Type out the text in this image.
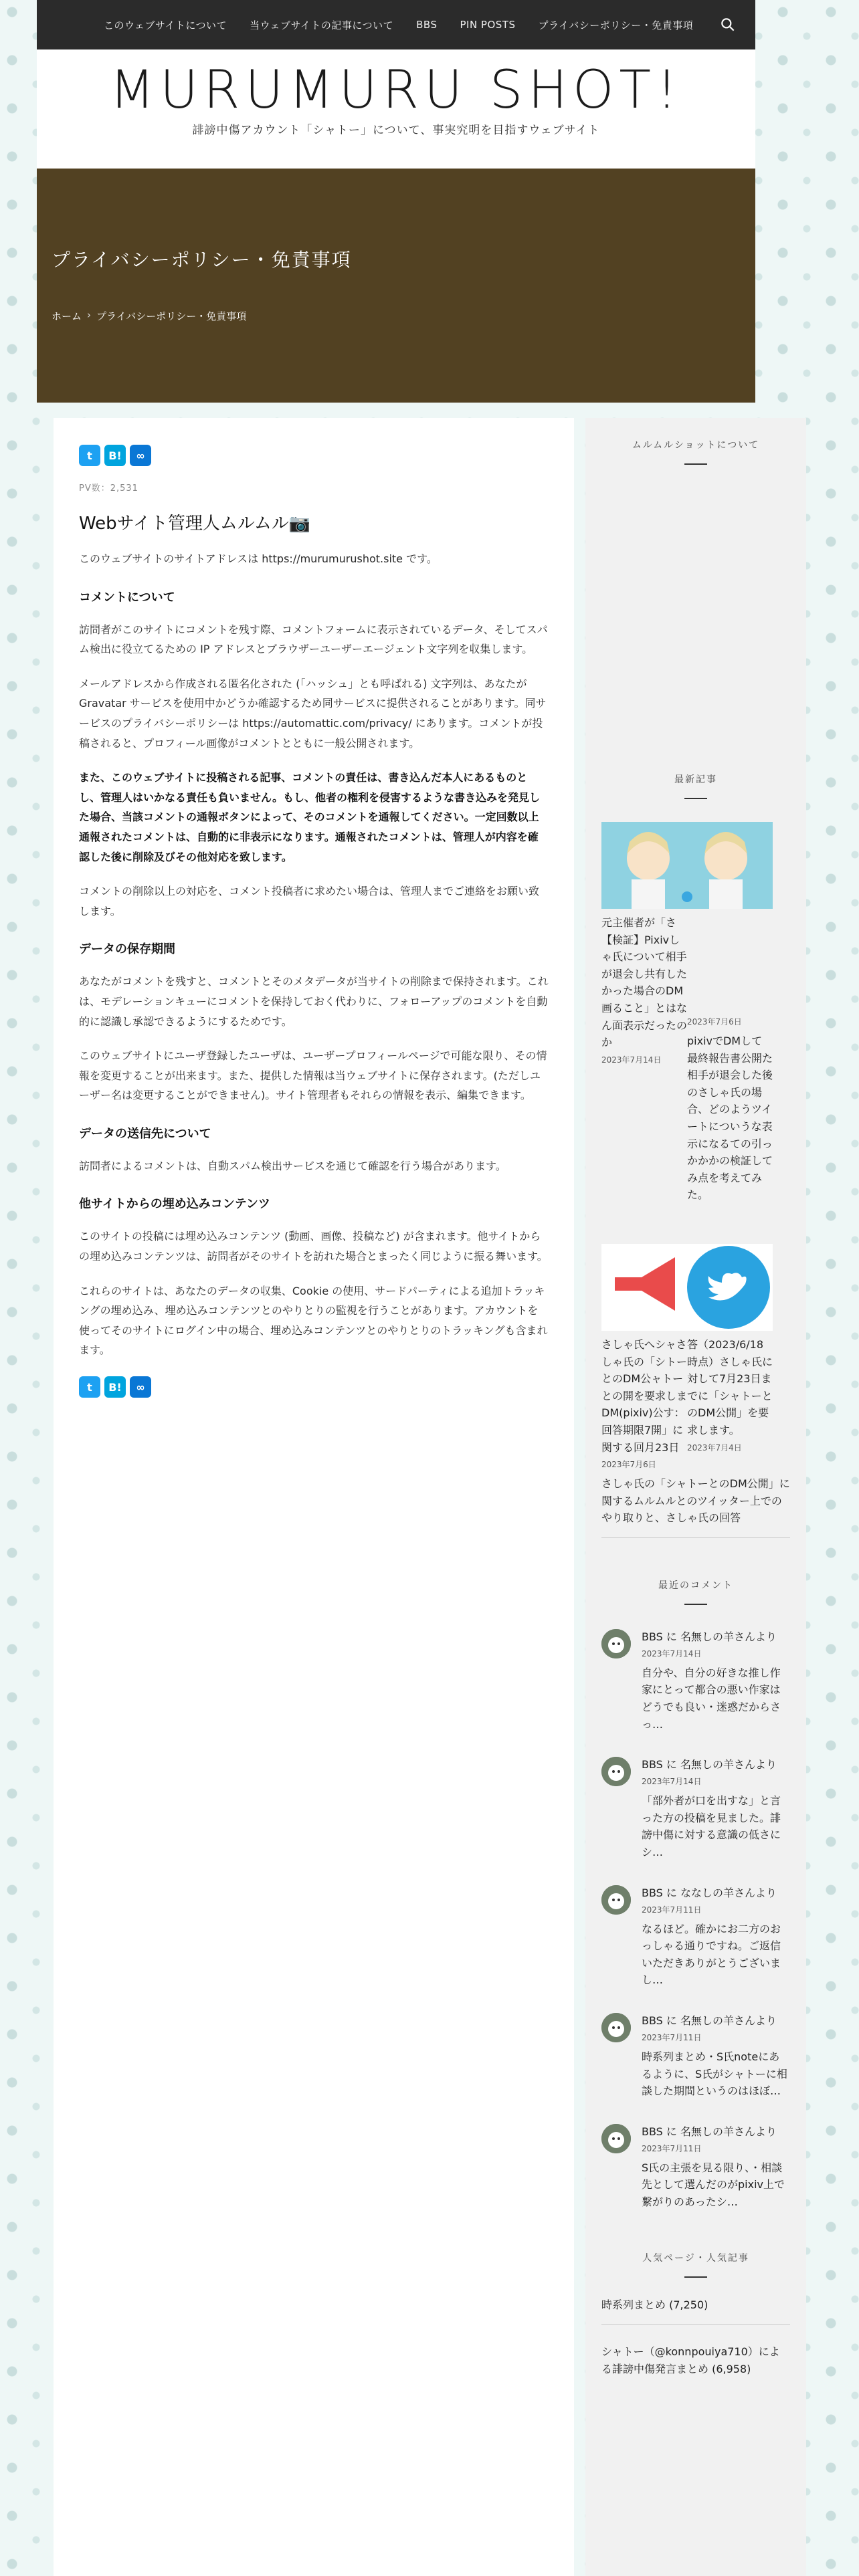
このウェブサイトについて 当ウェブサイトの記事について BBS PIN POSTS プライバシーポリシー・免責事項
MURUMURU SHOT!
誹謗中傷アカウント「シャトー」について、事実究明を目指すウェブサイト
プライバシーポリシー・免責事項
ホーム › プライバシーポリシー・免責事項
t B! ∞
PV数：2,531
Webサイト管理人ムルムル📷

このウェブサイトのサイトアドレスは https://murumurushot.site です。

コメントについて

訪問者がこのサイトにコメントを残す際、コメントフォームに表示されているデータ、そしてスパム検出に役立てるための IP アドレスとブラウザーユーザーエージェント文字列を収集します。

メールアドレスから作成される匿名化された (「ハッシュ」とも呼ばれる) 文字列は、あなたが Gravatar サービスを使用中かどうか確認するため同サービスに提供されることがあります。同サービスのプライバシーポリシーは https://automattic.com/privacy/ にあります。コメントが投稿されると、プロフィール画像がコメントとともに一般公開されます。

また、このウェブサイトに投稿される記事、コメントの責任は、書き込んだ本人にあるものとし、管理人はいかなる責任も負いません。もし、他者の権利を侵害するような書き込みを発見した場合、当該コメントの通報ボタンによって、そのコメントを通報してください。一定回数以上通報されたコメントは、自動的に非表示になります。通報されたコメントは、管理人が内容を確認した後に削除及びその他対応を致します。

コメントの削除以上の対応を、コメント投稿者に求めたい場合は、管理人までご連絡をお願い致します。

データの保存期間

あなたがコメントを残すと、コメントとそのメタデータが当サイトの削除まで保持されます。これは、モデレーションキューにコメントを保持しておく代わりに、フォローアップのコメントを自動的に認識し承認できるようにするためです。

このウェブサイトにユーザ登録したユーザは、ユーザープロフィールページで可能な限り、その情報を変更することが出来ます。また、提供した情報は当ウェブサイトに保存されます。(ただしユーザー名は変更することができません)。サイト管理者もそれらの情報を表示、編集できます。

データの送信先について

訪問者によるコメントは、自動スパム検出サービスを通じて確認を行う場合があります。

他サイトからの埋め込みコンテンツ

このサイトの投稿には埋め込みコンテンツ (動画、画像、投稿など) が含まれます。他サイトからの埋め込みコンテンツは、訪問者がそのサイトを訪れた場合とまったく同じように振る舞います。

これらのサイトは、あなたのデータの収集、Cookie の使用、サードパーティによる追加トラッキングの埋め込み、埋め込みコンテンツとのやりとりの監視を行うことがあります。アカウントを使ってそのサイトにログイン中の場合、埋め込みコンテンツとのやりとりのトラッキングも含まれます。

t B! ∞
ムルムルショットについて
最新記事
元主催者が「さ【検証】Pixivしゃ氏について相手が退会し共有したかった場合のDM画ること」とはなん面表示だったのか
2023年7月14日
2023年7月6日
pixivでDMして最終報告書公開た相手が退会した後のさしゃ氏の場合、どのようツイートについうな表示になるての引っかかかの検証してみ点を考えてみた。
さしゃ氏へシャさしゃ氏の「シトーとのDM公ャトーとの開を要求しまDM(pixiv)公す：回答期限7開」に関する回月23日
2023年7月6日
答（2023/6/18時点）さしゃ氏に対して7月23日までに「シャトーとのDM公開」を要求します。
2023年7月4日
さしゃ氏の「シャトーとのDM公開」に関するムルムルとのツイッター上でのやり取りと、さしゃ氏の回答
最近のコメント
BBS に 名無しの羊さんより
2023年7月14日
自分や、自分の好きな推し作家にとって都合の悪い作家はどうでも良い・迷惑だからさっ…
BBS に 名無しの羊さんより
2023年7月14日
「部外者が口を出すな」と言った方の投稿を見ました。誹謗中傷に対する意識の低さにシ…
BBS に ななしの羊さんより
2023年7月11日
なるほど。確かにお二方のおっしゃる通りですね。ご返信いただきありがとうございまし…
BBS に 名無しの羊さんより
2023年7月11日
時系列まとめ・S氏noteにあるように、S氏がシャトーに相談した期間というのはほぼ…
BBS に 名無しの羊さんより
2023年7月11日
S氏の主張を見る限り、・相談先として選んだのがpixiv上で繋がりのあったシ…
人気ページ・人気記事
時系列まとめ (7,250)
シャトー（@konnpouiya710）による誹謗中傷発言まとめ (6,958)
